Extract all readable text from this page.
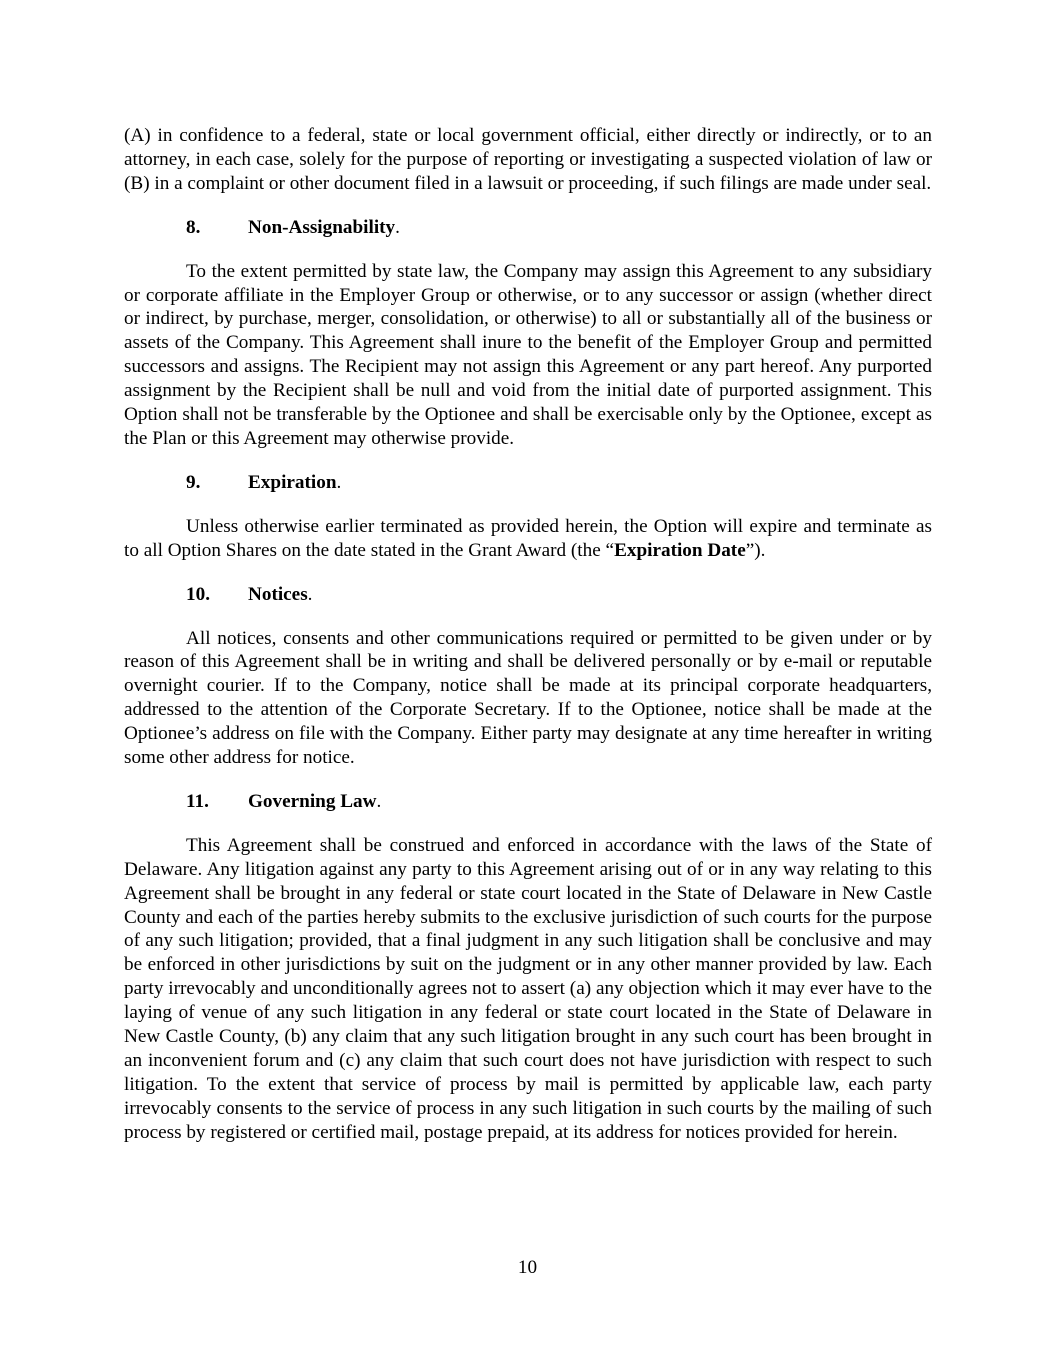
(A) in confidence to a federal, state or local government official, either directly or indirectly, or to an attorney, in each case, solely for the purpose of reporting or investigating a suspected violation of law or (B) in a complaint or other document filed in a lawsuit or proceeding, if such filings are made under seal.

8. Non-Assignability.

To the extent permitted by state law, the Company may assign this Agreement to any subsidiary or corporate affiliate in the Employer Group or otherwise, or to any successor or assign (whether direct or indirect, by purchase, merger, consolidation, or otherwise) to all or substantially all of the business or assets of the Company. This Agreement shall inure to the benefit of the Employer Group and permitted successors and assigns. The Recipient may not assign this Agreement or any part hereof. Any purported assignment by the Recipient shall be null and void from the initial date of purported assignment. This Option shall not be transferable by the Optionee and shall be exercisable only by the Optionee, except as the Plan or this Agreement may otherwise provide.

9. Expiration.

Unless otherwise earlier terminated as provided herein, the Option will expire and terminate as to all Option Shares on the date stated in the Grant Award (the “Expiration Date”).

10. Notices.

All notices, consents and other communications required or permitted to be given under or by reason of this Agreement shall be in writing and shall be delivered personally or by e-mail or reputable overnight courier. If to the Company, notice shall be made at its principal corporate headquarters, addressed to the attention of the Corporate Secretary. If to the Optionee, notice shall be made at the Optionee’s address on file with the Company. Either party may designate at any time hereafter in writing some other address for notice.

11. Governing Law.

This Agreement shall be construed and enforced in accordance with the laws of the State of Delaware. Any litigation against any party to this Agreement arising out of or in any way relating to this Agreement shall be brought in any federal or state court located in the State of Delaware in New Castle County and each of the parties hereby submits to the exclusive jurisdiction of such courts for the purpose of any such litigation; provided, that a final judgment in any such litigation shall be conclusive and may be enforced in other jurisdictions by suit on the judgment or in any other manner provided by law. Each party irrevocably and unconditionally agrees not to assert (a) any objection which it may ever have to the laying of venue of any such litigation in any federal or state court located in the State of Delaware in New Castle County, (b) any claim that any such litigation brought in any such court has been brought in an inconvenient forum and (c) any claim that such court does not have jurisdiction with respect to such litigation. To the extent that service of process by mail is permitted by applicable law, each party irrevocably consents to the service of process in any such litigation in such courts by the mailing of such process by registered or certified mail, postage prepaid, at its address for notices provided for herein.

10
